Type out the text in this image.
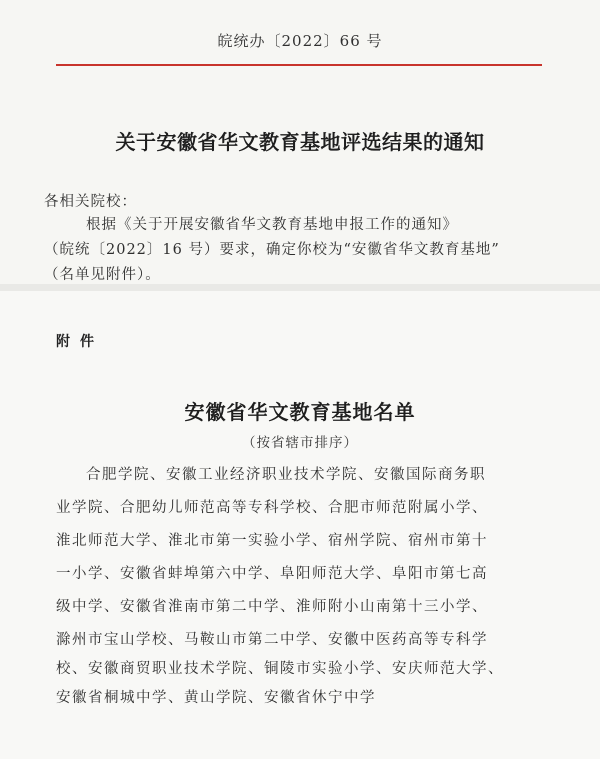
皖统办〔2022〕66 号
关于安徽省华文教育基地评选结果的通知
各相关院校：
根据《关于开展安徽省华文教育基地申报工作的通知》
（皖统〔2022〕16 号）要求，确定你校为“安徽省华文教育基地”
（名单见附件）。
附件
安徽省华文教育基地名单
（按省辖市排序）
合肥学院、安徽工业经济职业技术学院、安徽国际商务职
业学院、合肥幼儿师范高等专科学校、合肥市师范附属小学、
淮北师范大学、淮北市第一实验小学、宿州学院、宿州市第十
一小学、安徽省蚌埠第六中学、阜阳师范大学、阜阳市第七高
级中学、安徽省淮南市第二中学、淮师附小山南第十三小学、
滁州市宝山学校、马鞍山市第二中学、安徽中医药高等专科学
校、安徽商贸职业技术学院、铜陵市实验小学、安庆师范大学、
安徽省桐城中学、黄山学院、安徽省休宁中学
